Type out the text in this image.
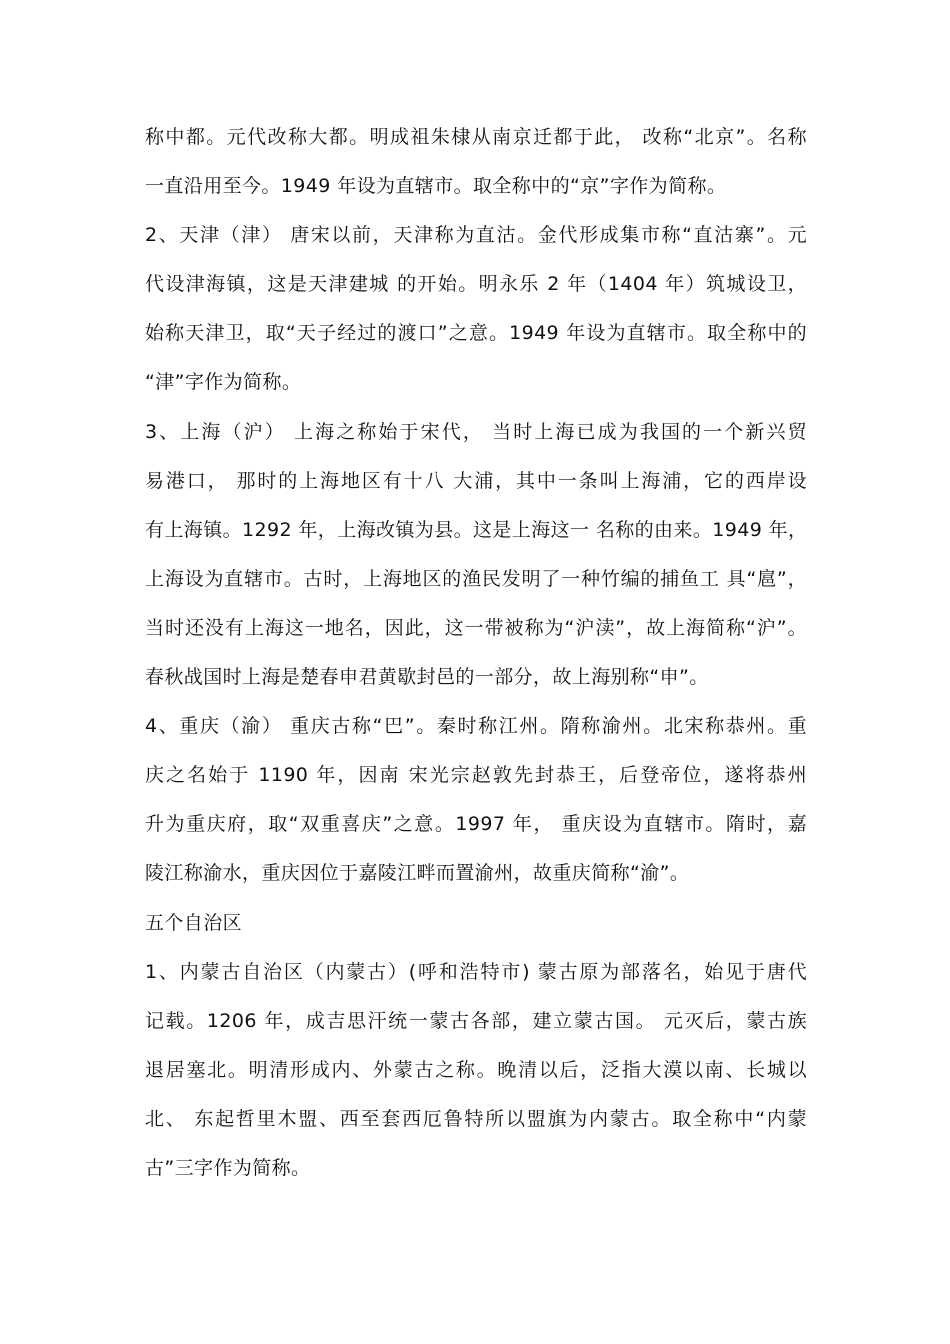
称中都。元代改称大都。明成祖朱棣从南京迁都于此， 改称“北京”。名称
一直沿用至今。1949 年设为直辖市。取全称中的“京”字作为简称。
2、天津（津） 唐宋以前，天津称为直沽。金代形成集市称“直沽寨”。元
代设津海镇，这是天津建城 的开始。明永乐 2 年（1404 年）筑城设卫，
始称天津卫，取“天子经过的渡口”之意。1949 年设为直辖市。取全称中的
“津”字作为简称。
3、上海（沪） 上海之称始于宋代， 当时上海已成为我国的一个新兴贸
易港口， 那时的上海地区有十八 大浦，其中一条叫上海浦，它的西岸设
有上海镇。1292 年，上海改镇为县。这是上海这一 名称的由来。1949 年，
上海设为直辖市。古时，上海地区的渔民发明了一种竹编的捕鱼工 具“扈”，
当时还没有上海这一地名，因此，这一带被称为“沪渎”，故上海简称“沪”。
春秋战国时上海是楚春申君黄歇封邑的一部分，故上海别称“申”。
4、重庆（渝） 重庆古称“巴”。秦时称江州。隋称渝州。北宋称恭州。重
庆之名始于 1190 年，因南 宋光宗赵敦先封恭王，后登帝位，遂将恭州
升为重庆府，取“双重喜庆”之意。1997 年， 重庆设为直辖市。隋时，嘉
陵江称渝水，重庆因位于嘉陵江畔而置渝州，故重庆简称“渝”。
五个自治区
1、内蒙古自治区（内蒙古）(呼和浩特市) 蒙古原为部落名，始见于唐代
记载。1206 年，成吉思汗统一蒙古各部，建立蒙古国。 元灭后，蒙古族
退居塞北。明清形成内、外蒙古之称。晚清以后，泛指大漠以南、长城以
北、 东起哲里木盟、西至套西厄鲁特所以盟旗为内蒙古。取全称中“内蒙
古”三字作为简称。
